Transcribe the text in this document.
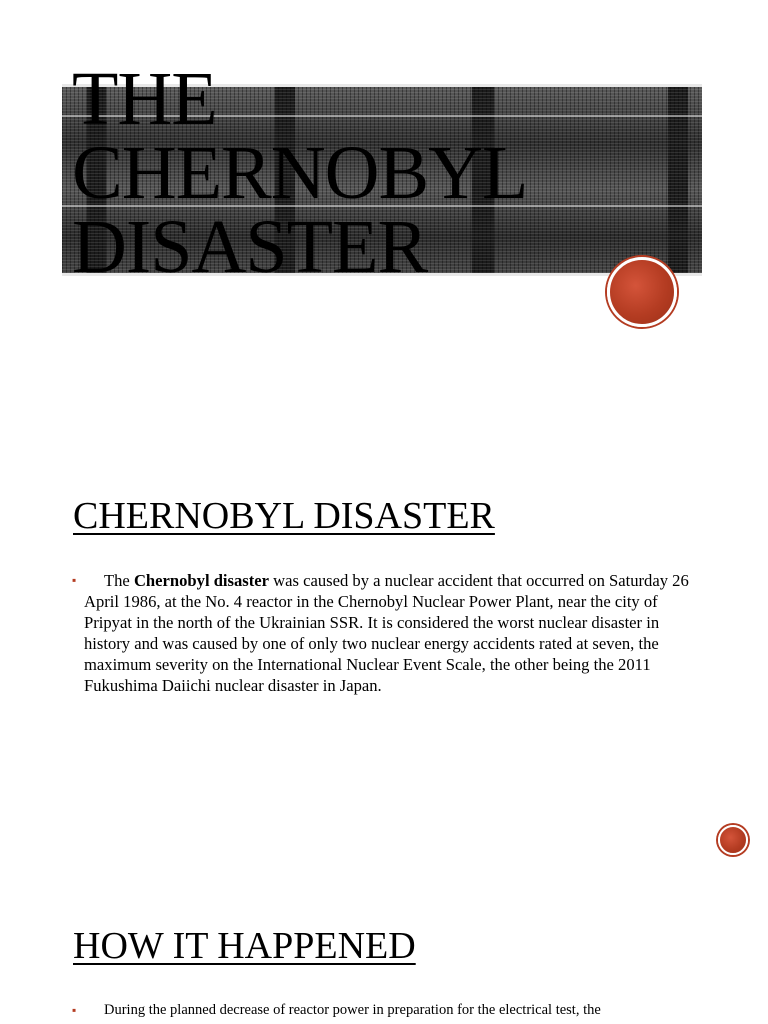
THE
CHERNOBYL
DISASTER
CHERNOBYL DISASTER
▪	The Chernobyl disaster was caused by a nuclear accident that occurred on Saturday 26 April 1986, at the No. 4 reactor in the Chernobyl Nuclear Power Plant, near the city of Pripyat in the north of the Ukrainian SSR. It is considered the worst nuclear disaster in history and was caused by one of only two nuclear energy accidents rated at seven, the maximum severity on the International Nuclear Event Scale, the other being the 2011 Fukushima Daiichi nuclear disaster in Japan.
HOW IT HAPPENED
▪	During the planned decrease of reactor power in preparation for the electrical test, the
